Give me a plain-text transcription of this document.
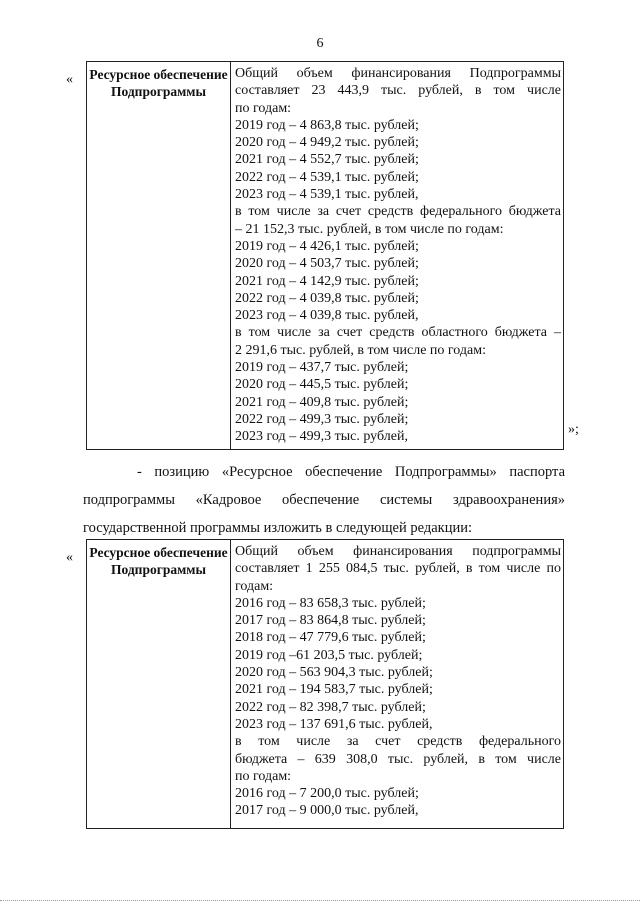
6
« Ресурсное обеспечение Подпрограммы
Общий объем финансирования Подпрограммы
составляет 23 443,9 тыс. рублей, в том числе
по годам:
2019 год – 4 863,8 тыс. рублей;
2020 год – 4 949,2 тыс. рублей;
2021 год – 4 552,7 тыс. рублей;
2022 год – 4 539,1 тыс. рублей;
2023 год – 4 539,1 тыс. рублей,
в том числе за счет средств федерального бюджета
– 21 152,3 тыс. рублей, в том числе по годам:
2019 год – 4 426,1 тыс. рублей;
2020 год – 4 503,7 тыс. рублей;
2021 год – 4 142,9 тыс. рублей;
2022 год – 4 039,8 тыс. рублей;
2023 год – 4 039,8 тыс. рублей,
в том числе за счет средств областного бюджета –
2 291,6 тыс. рублей, в том числе по годам:
2019 год – 437,7 тыс. рублей;
2020 год – 445,5 тыс. рублей;
2021 год – 409,8 тыс. рублей;
2022 год – 499,3 тыс. рублей;
2023 год – 499,3 тыс. рублей,	»;
- позицию «Ресурсное обеспечение Подпрограммы» паспорта
подпрограммы «Кадровое обеспечение системы здравоохранения»
государственной программы изложить в следующей редакции:
« Ресурсное обеспечение Подпрограммы
Общий объем финансирования подпрограммы
составляет 1 255 084,5 тыс. рублей, в том числе по
годам:
2016 год – 83 658,3 тыс. рублей;
2017 год – 83 864,8 тыс. рублей;
2018 год – 47 779,6 тыс. рублей;
2019 год –61 203,5 тыс. рублей;
2020 год – 563 904,3 тыс. рублей;
2021 год – 194 583,7 тыс. рублей;
2022 год – 82 398,7 тыс. рублей;
2023 год – 137 691,6 тыс. рублей,
в том числе за счет средств федерального
бюджета – 639 308,0 тыс. рублей, в том числе
по годам:
2016 год – 7 200,0 тыс. рублей;
2017 год – 9 000,0 тыс. рублей,
